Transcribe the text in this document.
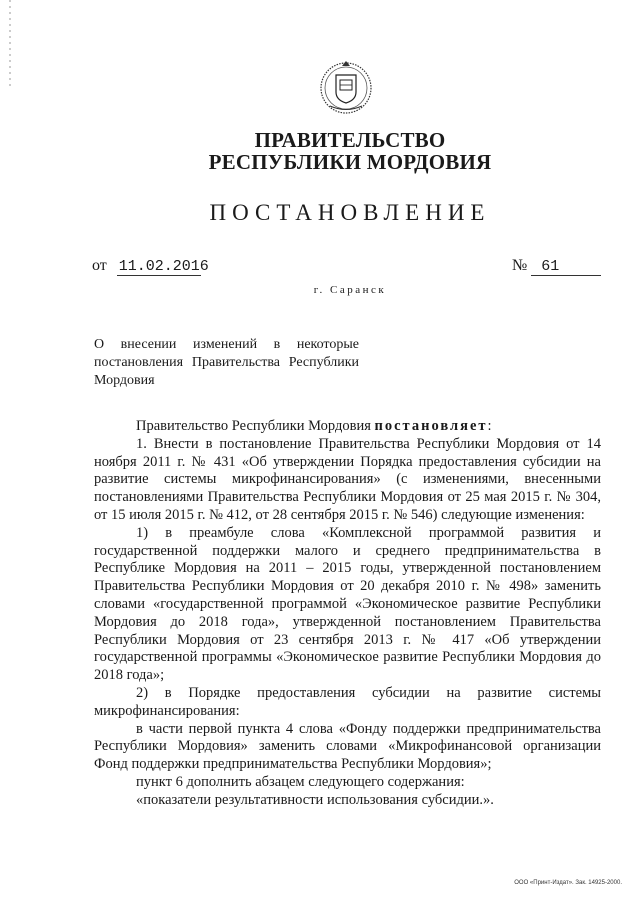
ПРАВИТЕЛЬСТВО
РЕСПУБЛИКИ МОРДОВИЯ
ПОСТАНОВЛЕНИЕ
от 11.02.2016	№ 61
г. Саранск

О внесении изменений в некоторые

постановления Правительства Республики

Мордовия

Правительство Республики Мордовия постановляет:

1. Внести в постановление Правительства Республики Мордовия от 14 ноября 2011 г. № 431 «Об утверждении Порядка предоставления субсидии на развитие системы микрофинансирования» (с изменениями, внесенными постановлениями Правительства Республики Мордовия от 25 мая 2015 г. № 304, от 15 июля 2015 г. № 412, от 28 сентября 2015 г. № 546) следующие изменения:

1) в преамбуле слова «Комплексной программой развития и государственной поддержки малого и среднего предпринимательства в Республике Мордовия на 2011 – 2015 годы, утвержденной постановлением Правительства Республики Мордовия от 20 декабря 2010 г. № 498» заменить словами «государственной программой «Экономическое развитие Республики Мордовия до 2018 года», утвержденной постановлением Правительства Республики Мордовия от 23 сентября 2013 г. № 417 «Об утверждении государственной программы «Экономическое развитие Республики Мордовия до 2018 года»;

2) в Порядке предоставления субсидии на развитие системы микрофинансирования:

в части первой пункта 4 слова «Фонду поддержки предпринимательства Республики Мордовия» заменить словами «Микрофинансовой организации Фонд поддержки предпринимательства Республики Мордовия»;

пункт 6 дополнить абзацем следующего содержания:

«показатели результативности использования субсидии.».

ООО «Принт-Издат». Зак. 14925-2000.
